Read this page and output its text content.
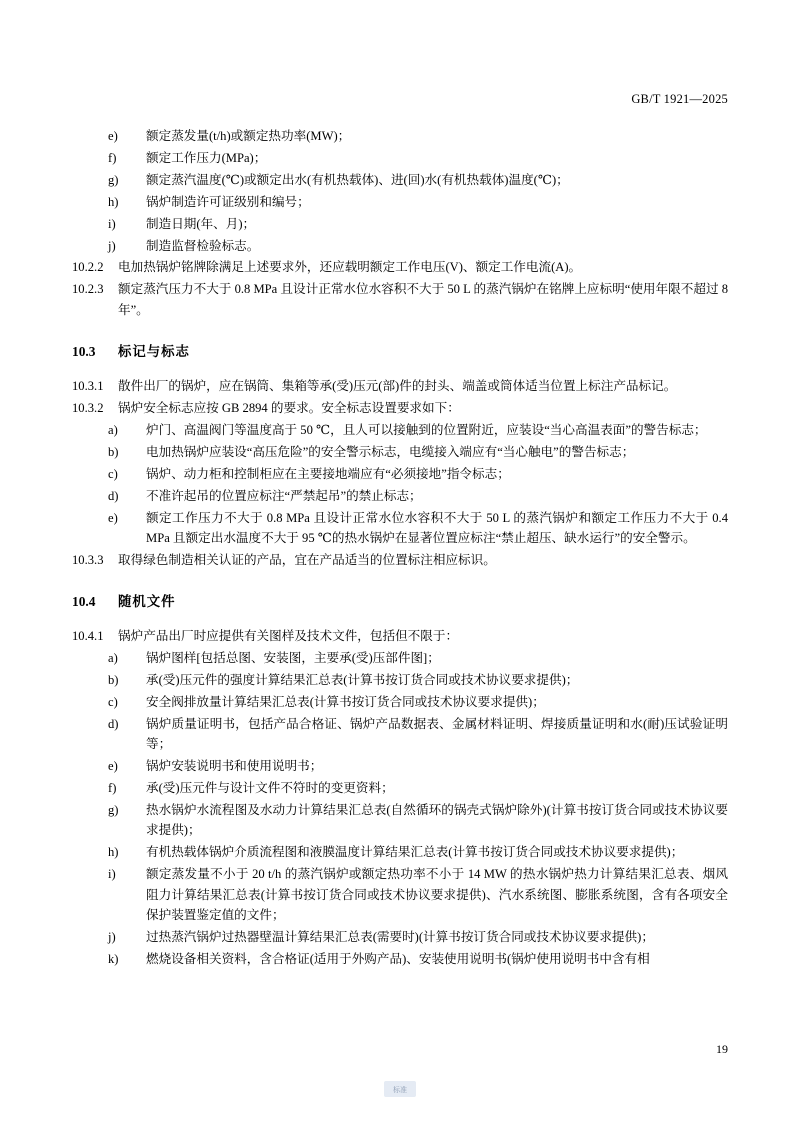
GB/T 1921—2025
e)	额定蒸发量(t/h)或额定热功率(MW)；
f)	额定工作压力(MPa)；
g)	额定蒸汽温度(℃)或额定出水(有机热载体)、进(回)水(有机热载体)温度(℃)；
h)	锅炉制造许可证级别和编号；
i)	制造日期(年、月)；
j)	制造监督检验标志。
10.2.2	电加热锅炉铭牌除满足上述要求外，还应载明额定工作电压(V)、额定工作电流(A)。
10.2.3	额定蒸汽压力不大于 0.8 MPa 且设计正常水位水容积不大于 50 L 的蒸汽锅炉在铭牌上应标明“使用年限不超过 8 年”。
10.3	标记与标志
10.3.1	散件出厂的锅炉，应在锅筒、集箱等承(受)压元(部)件的封头、端盖或筒体适当位置上标注产品标记。
10.3.2	锅炉安全标志应按 GB 2894 的要求。安全标志设置要求如下：
a)	炉门、高温阀门等温度高于 50 ℃，且人可以接触到的位置附近，应装设“当心高温表面”的警告标志；
b)	电加热锅炉应装设“高压危险”的安全警示标志，电缆接入端应有“当心触电”的警告标志；
c)	锅炉、动力柜和控制柜应在主要接地端应有“必须接地”指令标志；
d)	不准许起吊的位置应标注“严禁起吊”的禁止标志；
e)	额定工作压力不大于 0.8 MPa 且设计正常水位水容积不大于 50 L 的蒸汽锅炉和额定工作压力不大于 0.4 MPa 且额定出水温度不大于 95 ℃的热水锅炉在显著位置应标注“禁止超压、缺水运行”的安全警示。
10.3.3	取得绿色制造相关认证的产品，宜在产品适当的位置标注相应标识。
10.4	随机文件
10.4.1	锅炉产品出厂时应提供有关图样及技术文件，包括但不限于：
a)	锅炉图样[包括总图、安装图，主要承(受)压部件图]；
b)	承(受)压元件的强度计算结果汇总表(计算书按订货合同或技术协议要求提供)；
c)	安全阀排放量计算结果汇总表(计算书按订货合同或技术协议要求提供)；
d)	锅炉质量证明书，包括产品合格证、锅炉产品数据表、金属材料证明、焊接质量证明和水(耐)压试验证明等；
e)	锅炉安装说明书和使用说明书；
f)	承(受)压元件与设计文件不符时的变更资料；
g)	热水锅炉水流程图及水动力计算结果汇总表(自然循环的锅壳式锅炉除外)(计算书按订货合同或技术协议要求提供)；
h)	有机热载体锅炉介质流程图和液膜温度计算结果汇总表(计算书按订货合同或技术协议要求提供)；
i)	额定蒸发量不小于 20 t/h 的蒸汽锅炉或额定热功率不小于 14 MW 的热水锅炉热力计算结果汇总表、烟风阻力计算结果汇总表(计算书按订货合同或技术协议要求提供)、汽水系统图、膨胀系统图，含有各项安全保护装置鉴定值的文件；
j)	过热蒸汽锅炉过热器壁温计算结果汇总表(需要时)(计算书按订货合同或技术协议要求提供)；
k)	燃烧设备相关资料，含合格证(适用于外购产品)、安装使用说明书(锅炉使用说明书中含有相
19
标准
